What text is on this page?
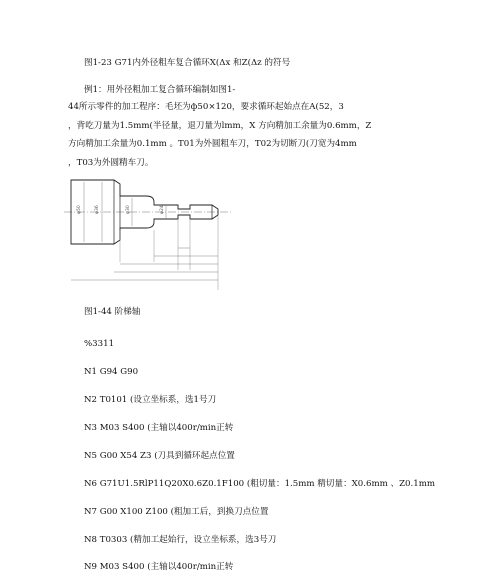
图1-23 G71内外径粗车复合循环X(Δx 和Z(Δz 的符号
例1：用外径粗加工复合循环编制如图1-
44所示零件的加工程序：毛坯为ф50×120，要求循环起始点在A(52，3
，背吃刀量为1.5mm(半径量，退刀量为lmm，X 方向精加工余量为0.6mm，Z
方向精加工余量为0.1mm 。T01为外圆粗车刀，T02为切断刀(刀宽为4mm
，T03为外圆精车刀。
φ50	φ36	φ30	φ24
图1-44 阶梯轴
%3311
N1 G94 G90
N2 T0101 (设立坐标系，选1号刀
N3 M03 S400 (主轴以400r/min正转
N5 G00 X54 Z3 (刀具到循环起点位置
N6 G71U1.5RlP11Q20X0.6Z0.1F100 (粗切量：1.5mm 精切量：X0.6mm 、Z0.1mm
N7 G00 X100 Z100 (粗加工后，到换刀点位置
N8 T0303 (精加工起始行，设立坐标系，选3号刀
N9 M03 S400 (主轴以400r/min正转
